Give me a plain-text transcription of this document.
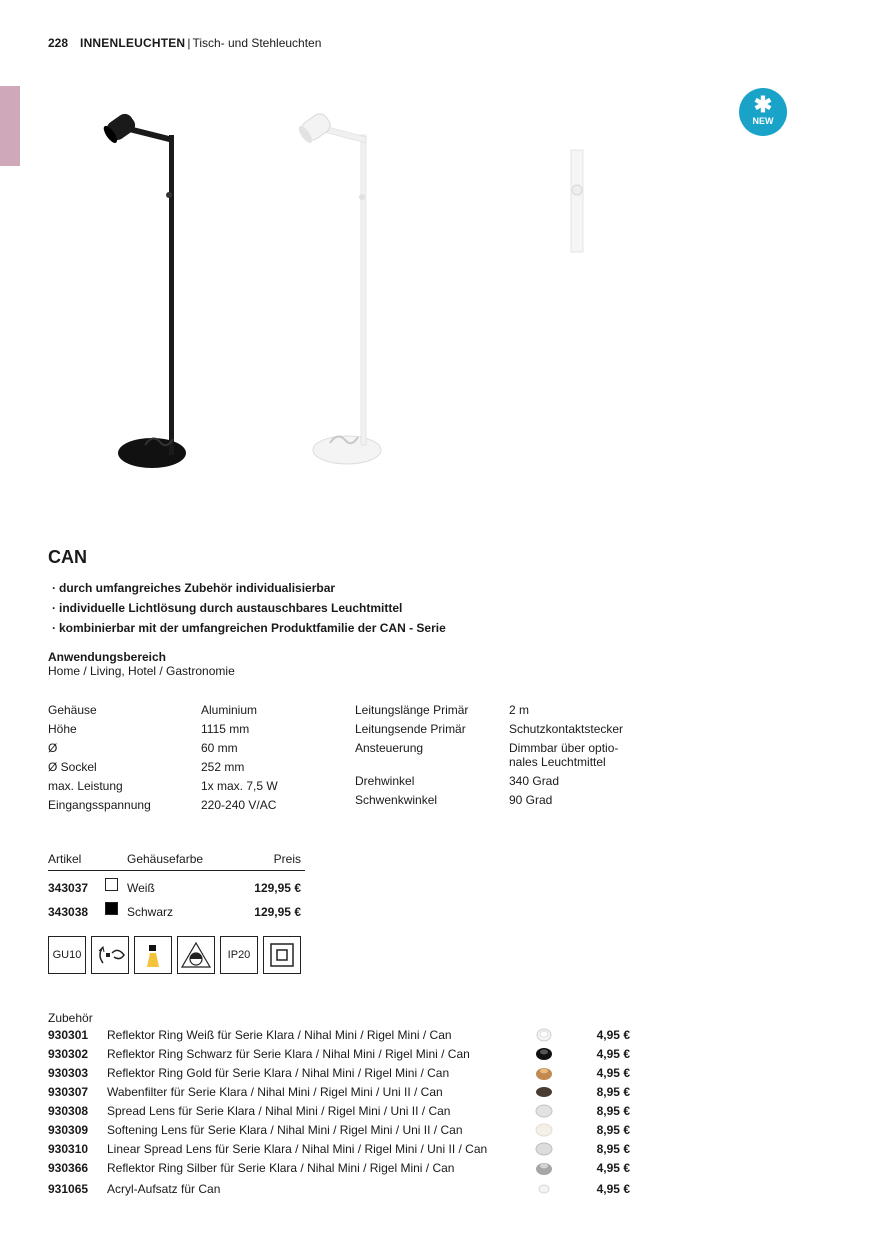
228 INNENLEUCHTEN | Tisch- und Stehleuchten
✱
NEW
CAN
· durch umfangreiches Zubehör individualisierbar
· individuelle Lichtlösung durch austauschbares Leuchtmittel
· kombinierbar mit der umfangreichen Produktfamilie der CAN - Serie
Anwendungsbereich
Home / Living, Hotel / Gastronomie
Gehäuse	Aluminium
Höhe	1115 mm
Ø	60 mm
Ø Sockel	252 mm
max. Leistung	1x max. 7,5 W
Eingangsspannung	220-240 V/AC
Leitungslänge Primär	2 m
Leitungsende Primär	Schutzkontaktstecker
Ansteuerung	Dimmbar über optio-
nales Leuchtmittel
Drehwinkel	340 Grad
Schwenkwinkel	90 Grad
Artikel	Gehäusefarbe	Preis
343037	Weiß	129,95 €
343038	Schwarz	129,95 €
GU10	IP20
Zubehör
930301 Reflektor Ring Weiß für Serie Klara / Nihal Mini / Rigel Mini / Can	4,95 €
930302 Reflektor Ring Schwarz für Serie Klara / Nihal Mini / Rigel Mini / Can	4,95 €
930303 Reflektor Ring Gold für Serie Klara / Nihal Mini / Rigel Mini / Can	4,95 €
930307 Wabenfilter für Serie Klara / Nihal Mini / Rigel Mini / Uni II / Can	8,95 €
930308 Spread Lens für Serie Klara / Nihal Mini / Rigel Mini / Uni II / Can	8,95 €
930309 Softening Lens für Serie Klara / Nihal Mini / Rigel Mini / Uni II / Can	8,95 €
930310 Linear Spread Lens für Serie Klara / Nihal Mini / Rigel Mini / Uni II / Can	8,95 €
930366 Reflektor Ring Silber für Serie Klara / Nihal Mini / Rigel Mini / Can	4,95 €
931065 Acryl-Aufsatz für Can	4,95 €
